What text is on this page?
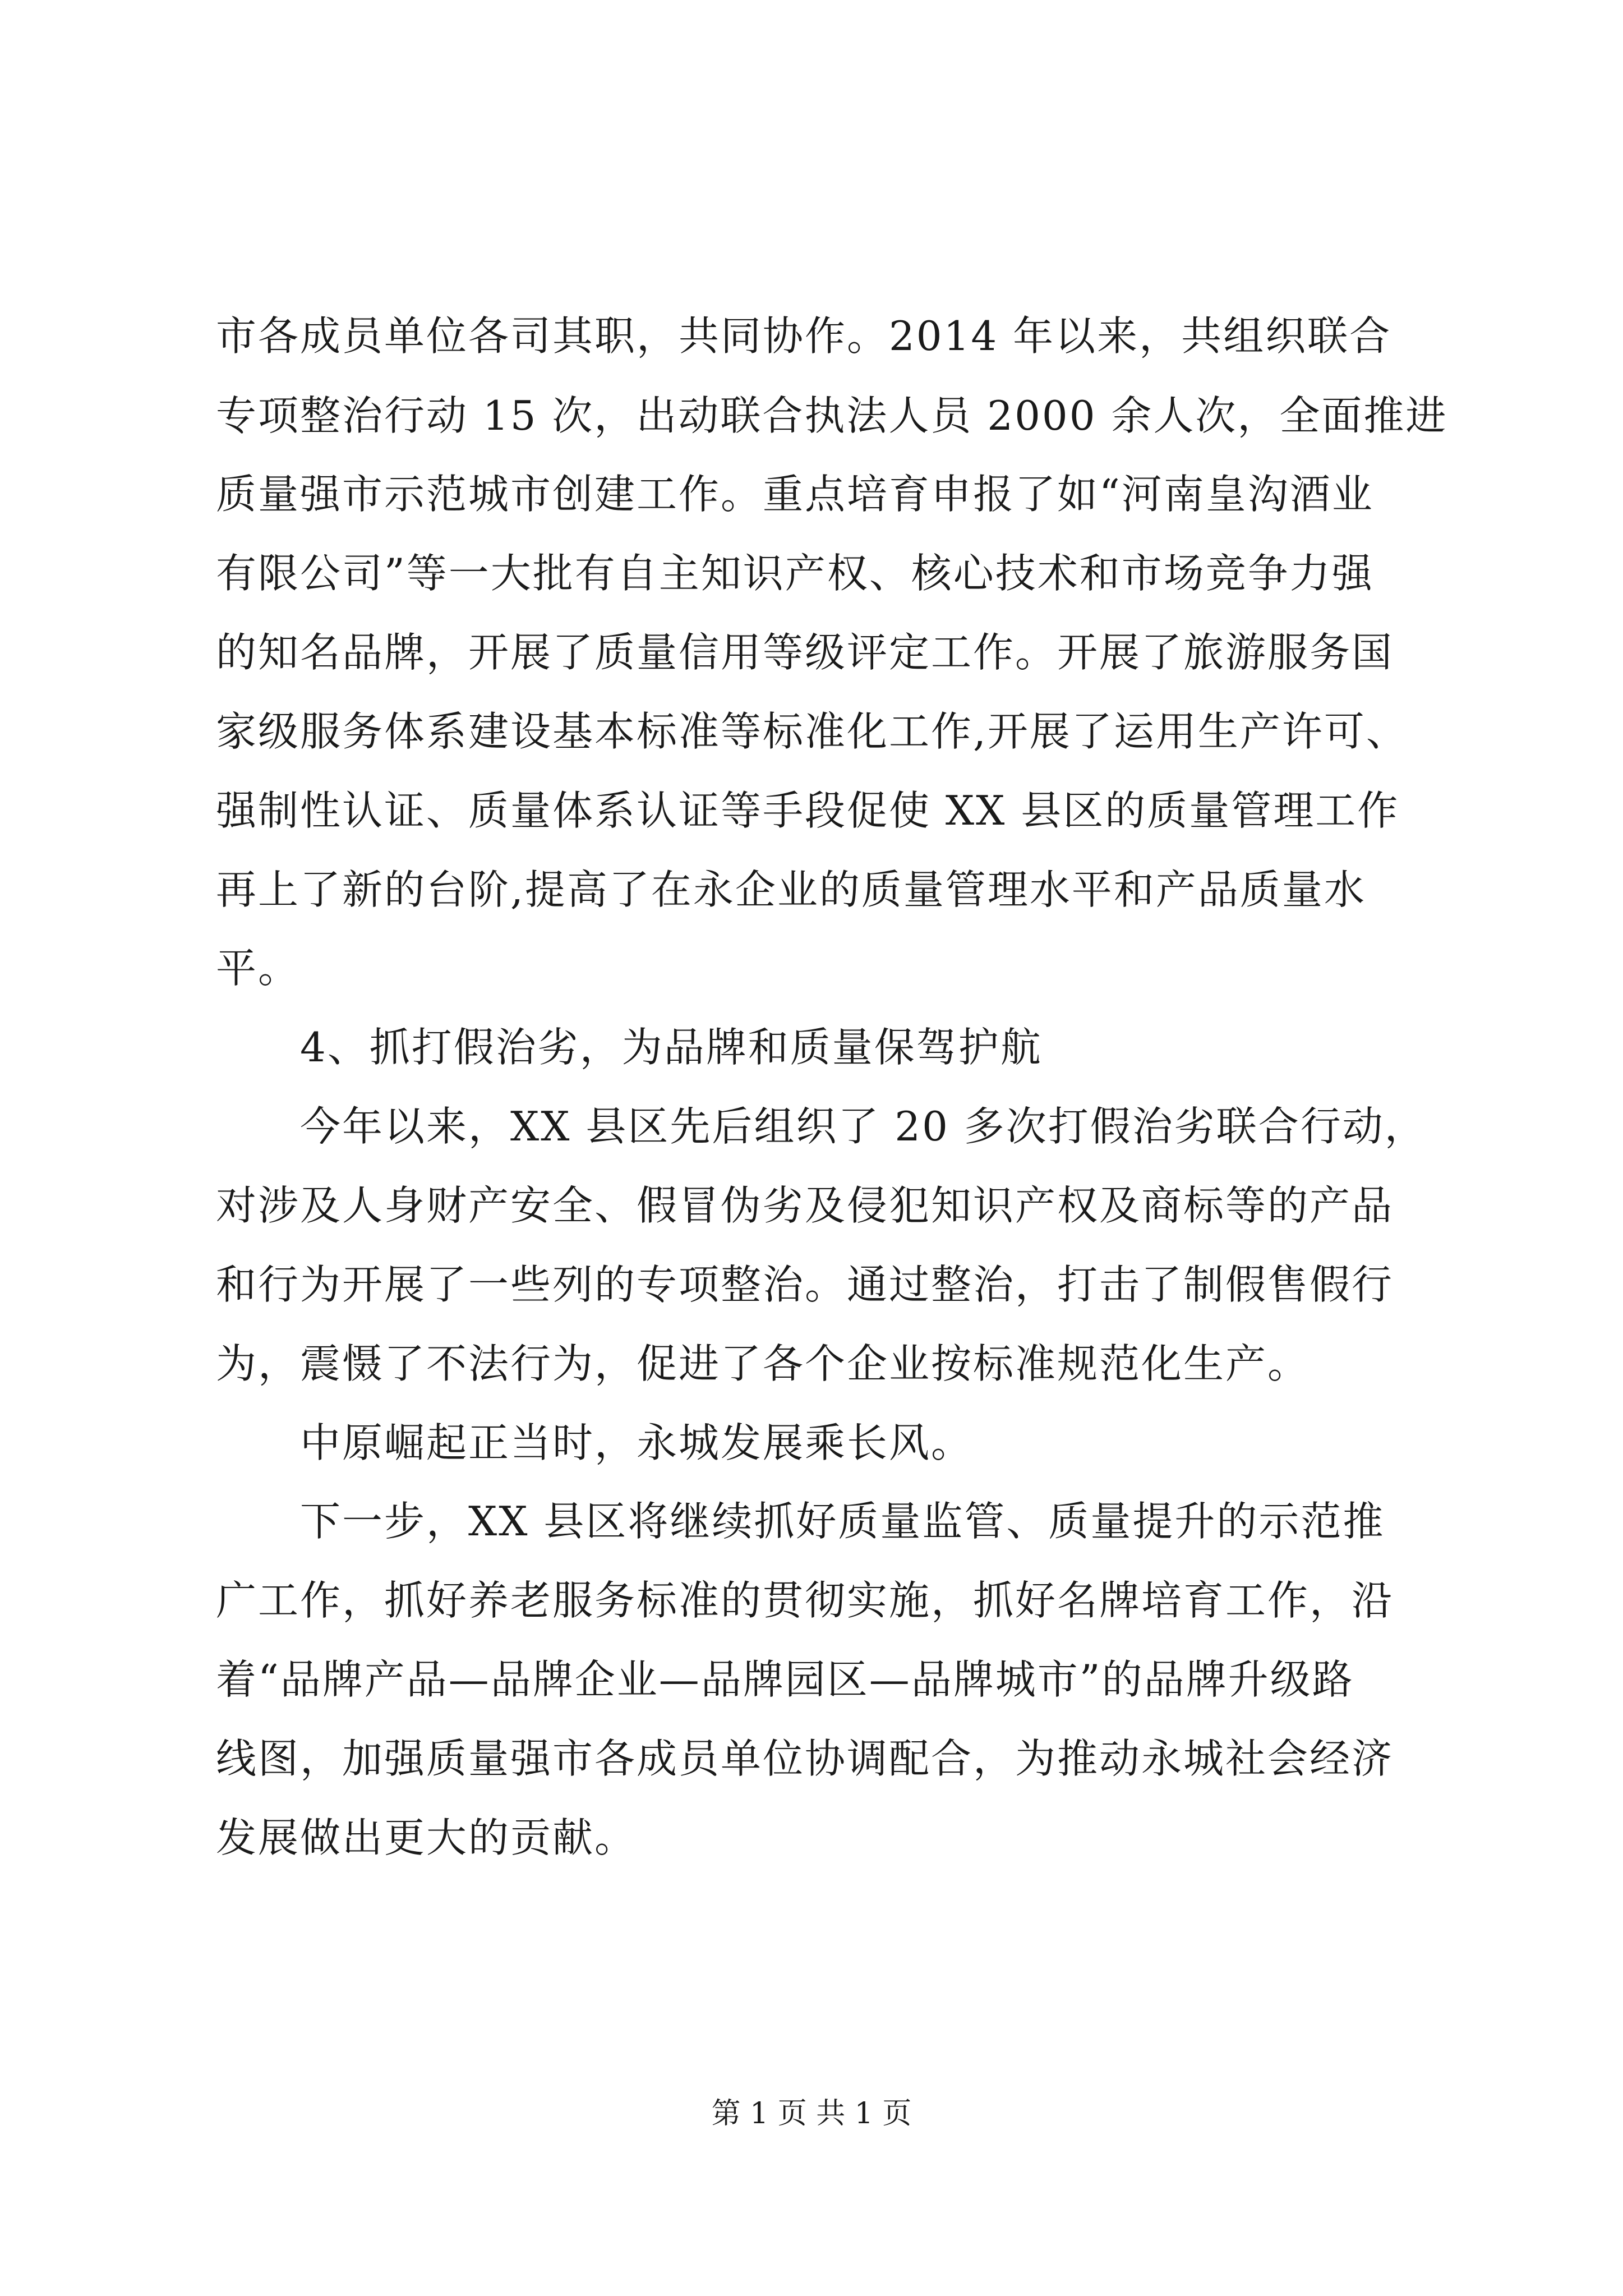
市各成员单位各司其职，共同协作。2014 年以来，共组织联合
专项整治行动 15 次，出动联合执法人员 2000 余人次，全面推进
质量强市示范城市创建工作。重点培育申报了如“河南皇沟酒业
有限公司”等一大批有自主知识产权、核心技术和市场竞争力强
的知名品牌，开展了质量信用等级评定工作。开展了旅游服务国
家级服务体系建设基本标准等标准化工作,开展了运用生产许可、
强制性认证、质量体系认证等手段促使 XX 县区的质量管理工作
再上了新的台阶,提高了在永企业的质量管理水平和产品质量水
平。
4、抓打假治劣，为品牌和质量保驾护航
今年以来，XX 县区先后组织了 20 多次打假治劣联合行动，
对涉及人身财产安全、假冒伪劣及侵犯知识产权及商标等的产品
和行为开展了一些列的专项整治。通过整治，打击了制假售假行
为，震慑了不法行为，促进了各个企业按标准规范化生产。
中原崛起正当时，永城发展乘长风。
下一步，XX 县区将继续抓好质量监管、质量提升的示范推
广工作，抓好养老服务标准的贯彻实施，抓好名牌培育工作，沿
着“品牌产品—品牌企业—品牌园区—品牌城市”的品牌升级路
线图，加强质量强市各成员单位协调配合，为推动永城社会经济
发展做出更大的贡献。
第 1 页 共 1 页
